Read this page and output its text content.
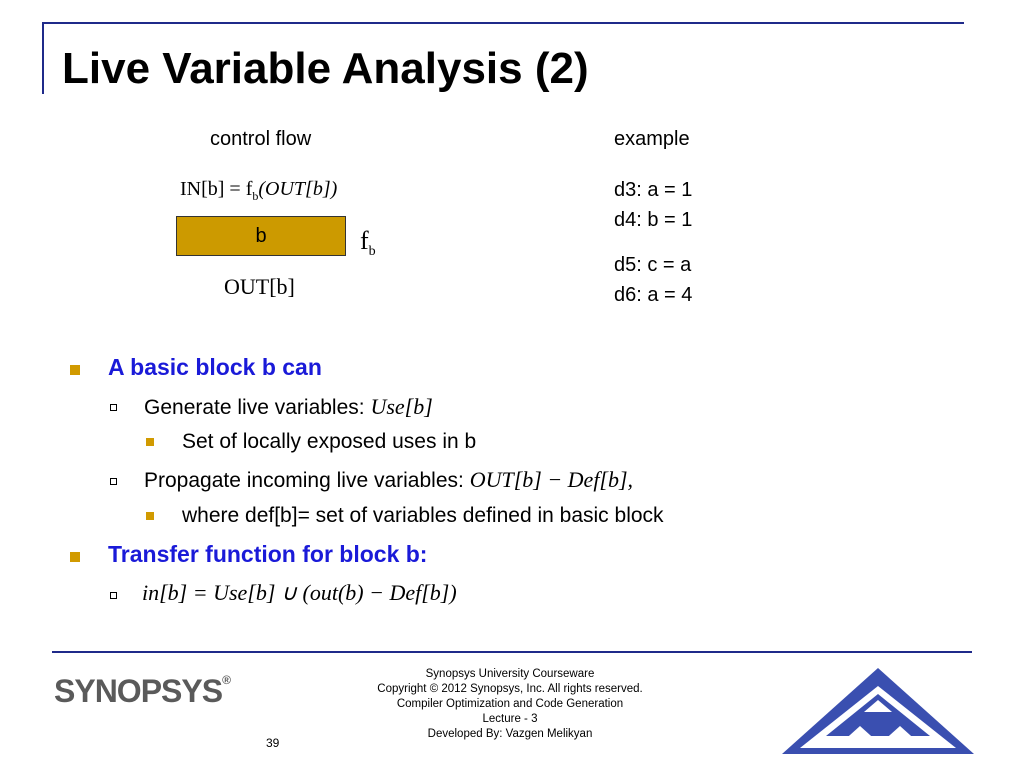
Live Variable Analysis (2)
control flow	example
$IN[b] = f_b(OUT[b])$
b	$f_b$
OUT[b]
d3: a = 1
d4: b = 1
d5: c = a
d6: a = 4
A basic block b can
Generate live variables: Use[b]
Set of locally exposed uses in b
Propagate incoming live variables: OUT[b] − Def[b],
where def[b]= set of variables defined in basic block
Transfer function for block b:
in[b] = Use[b] ∪ (out(b) − Def[b])
SYNOPSYS®	Synopsys University Courseware
Copyright © 2012 Synopsys, Inc. All rights reserved.
Compiler Optimization and Code Generation
Lecture - 3
Developed By: Vazgen Melikyan
39
